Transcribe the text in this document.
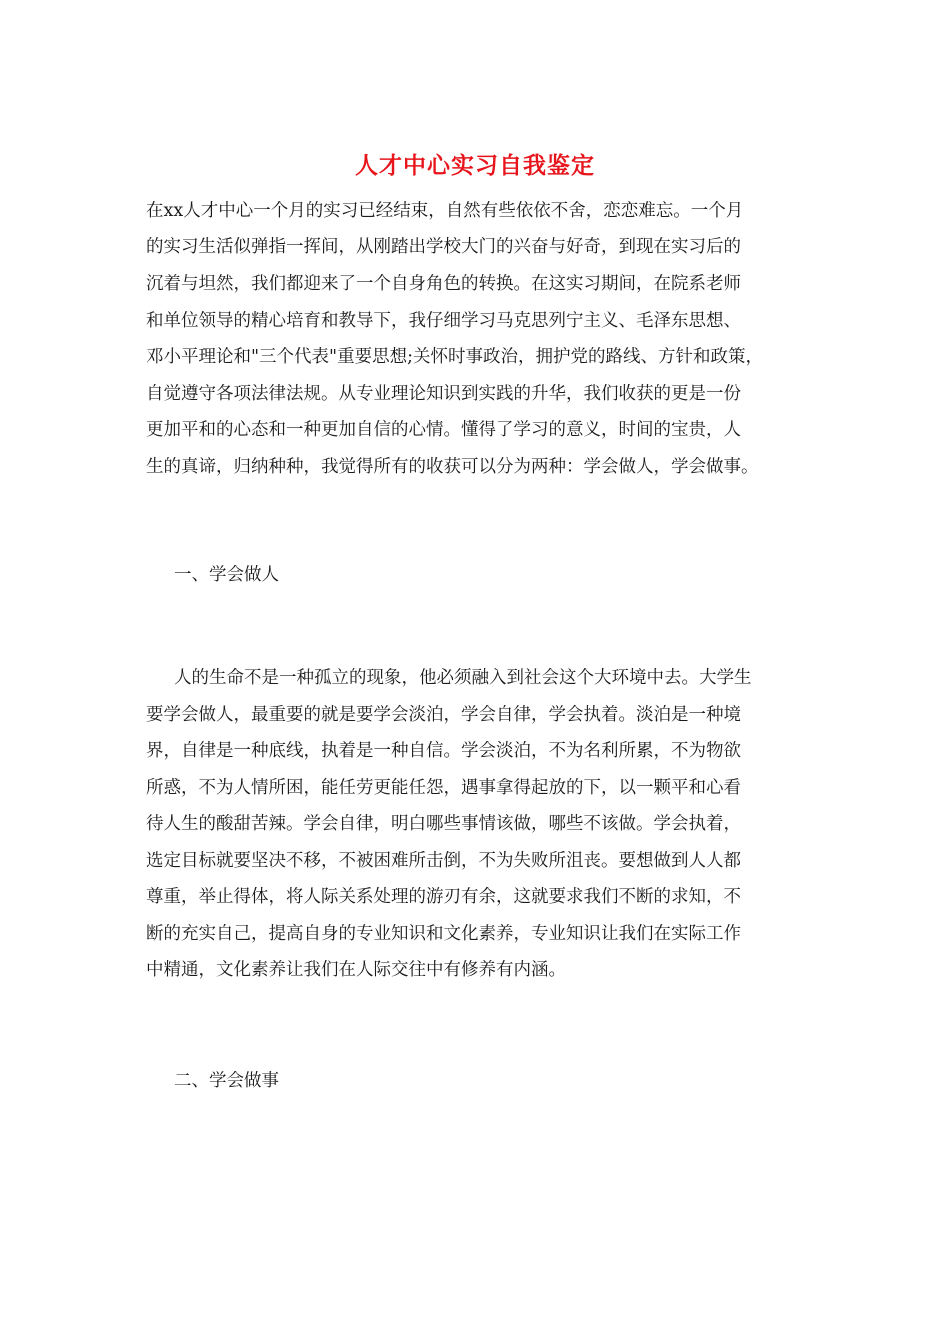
人才中心实习自我鉴定
在xx人才中心一个月的实习已经结束，自然有些依依不舍，恋恋难忘。一个月
的实习生活似弹指一挥间，从刚踏出学校大门的兴奋与好奇，到现在实习后的
沉着与坦然，我们都迎来了一个自身角色的转换。在这实习期间，在院系老师
和单位领导的精心培育和教导下，我仔细学习马克思列宁主义、毛泽东思想、
邓小平理论和"三个代表"重要思想;关怀时事政治，拥护党的路线、方针和政策，
自觉遵守各项法律法规。从专业理论知识到实践的升华，我们收获的更是一份
更加平和的心态和一种更加自信的心情。懂得了学习的意义，时间的宝贵，人
生的真谛，归纳种种，我觉得所有的收获可以分为两种：学会做人，学会做事。
一、学会做人
人的生命不是一种孤立的现象，他必须融入到社会这个大环境中去。大学生
要学会做人，最重要的就是要学会淡泊，学会自律，学会执着。淡泊是一种境
界，自律是一种底线，执着是一种自信。学会淡泊，不为名利所累，不为物欲
所惑，不为人情所困，能任劳更能任怨，遇事拿得起放的下，以一颗平和心看
待人生的酸甜苦辣。学会自律，明白哪些事情该做，哪些不该做。学会执着，
选定目标就要坚决不移，不被困难所击倒，不为失败所沮丧。要想做到人人都
尊重，举止得体，将人际关系处理的游刃有余，这就要求我们不断的求知，不
断的充实自己，提高自身的专业知识和文化素养，专业知识让我们在实际工作
中精通，文化素养让我们在人际交往中有修养有内涵。
二、学会做事
